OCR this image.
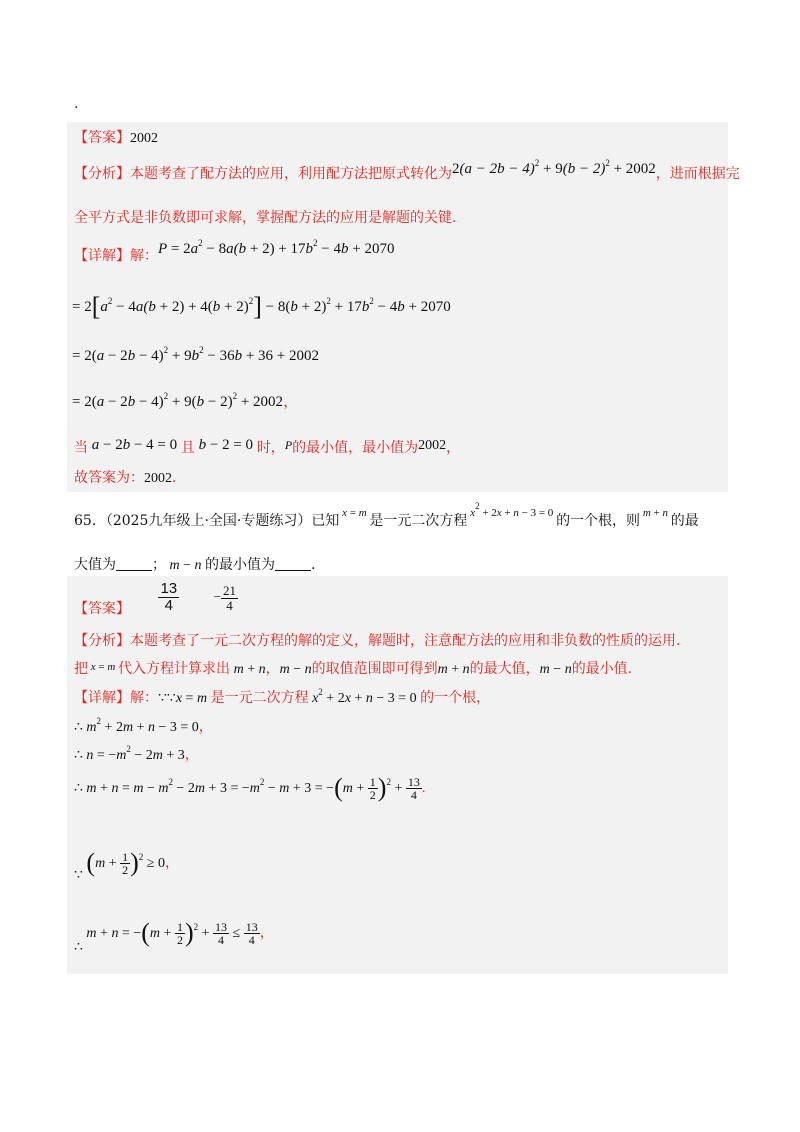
.
【答案】2002
【分析】本题考查了配方法的应用，利用配方法把原式转化为$2(a - 2b - 4)^2 + 9(b - 2)^2 + 2002$，进而根据完
全平方式是非负数即可求解，掌握配方法的应用是解题的关键.
【详解】解：$P = 2a^2 - 8a(b + 2) + 17b^2 - 4b + 2070$
= $2[a^2 - 4a(b + 2) + 4(b + 2)^2] - 8(b + 2)^2 + 17b^2 - 4b + 2070$
= $2(a - 2b - 4)^2 + 9b^2 - 36b + 36 + 2002$
= $2(a - 2b - 4)^2 + 9(b - 2)^2 + 2002$，
当 a − 2b − 4 = 0 且 b − 2 = 0 时，P的最小值，最小值为2002，
故答案为：2002.
65．（2025九年级上·全国·专题练习）已知 $^{x = m}$ 是一元二次方程 $^{x^2 + 2x + n - 3 = 0}$ 的一个根，则 $^{m + n}$ 的最
大值为	； m − n 的最小值为	.
【答案】 $\frac{13}{4}$	− $\frac{21}{4}$
【分析】本题考查了一元二次方程的解的定义，解题时，注意配方法的应用和非负数的性质的运用.
把 $^{x = m}$ 代入方程计算求出 m + n，m − n的取值范围即可得到m + n的最大值，m − n的最小值.
【详解】解：∵∵x = m 是一元二次方程 $x^2 + 2x + n - 3 = 0$ 的一个根，
∴ $m^2 + 2m + n - 3 = 0$，
∴ $n = -m^2 - 2m + 3$，
∴ $m + n = m - m^2 - 2m + 3 = -m^2 - m + 3 = -(m + \frac{1}{2} )^2 + \frac{13}{4}$ .
∵ $(m + \frac{1}{2} )^2 \ge 0$，
∴ $m + n = -(m + \frac{1}{2} )^2 + \frac{13}{4} \le \frac{13}{4}$ ，
